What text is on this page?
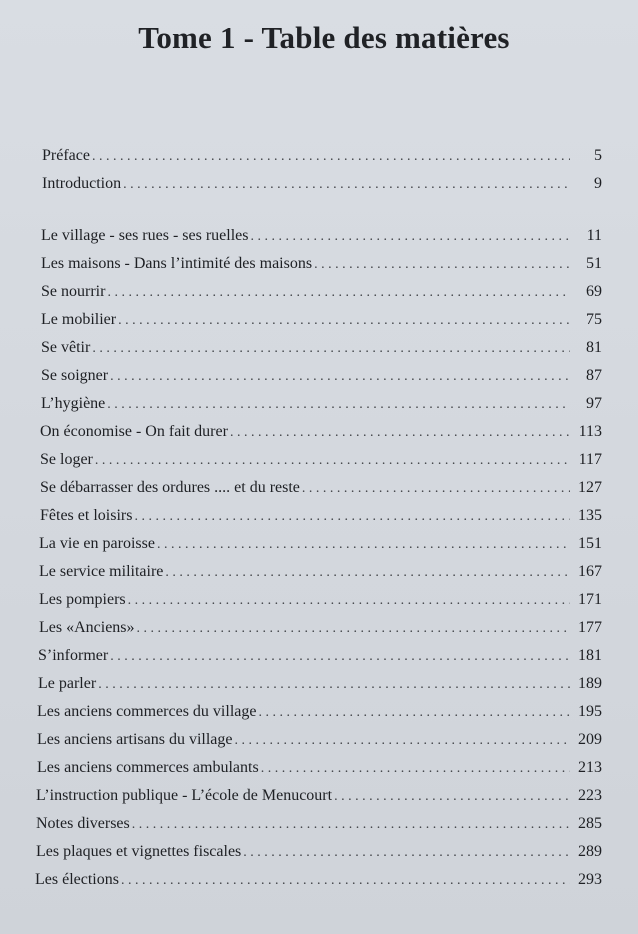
Tome 1 - Table des matières
Préface . . .	5
Introduction . . .	9
Le village - ses rues - ses ruelles . . .	11
Les maisons - Dans l’intimité des maisons . . .	51
Se nourrir . . .	69
Le mobilier . . .	75
Se vêtir . . .	81
Se soigner . . .	87
L’hygiène . . .	97
On économise - On fait durer . . .	113
Se loger . . .	117
Se débarrasser des ordures .... et du reste . . .	127
Fêtes et loisirs . . .	135
La vie en paroisse . . .	151
Le service militaire . . .	167
Les pompiers . . .	171
Les «Anciens» . . .	177
S’informer . . .	181
Le parler . . .	189
Les anciens commerces du village . . .	195
Les anciens artisans du village . . .	209
Les anciens commerces ambulants . . .	213
L’instruction publique - L’école de Menucourt . . .	223
Notes diverses . . .	285
Les plaques et vignettes fiscales . . .	289
Les élections . . .	293
